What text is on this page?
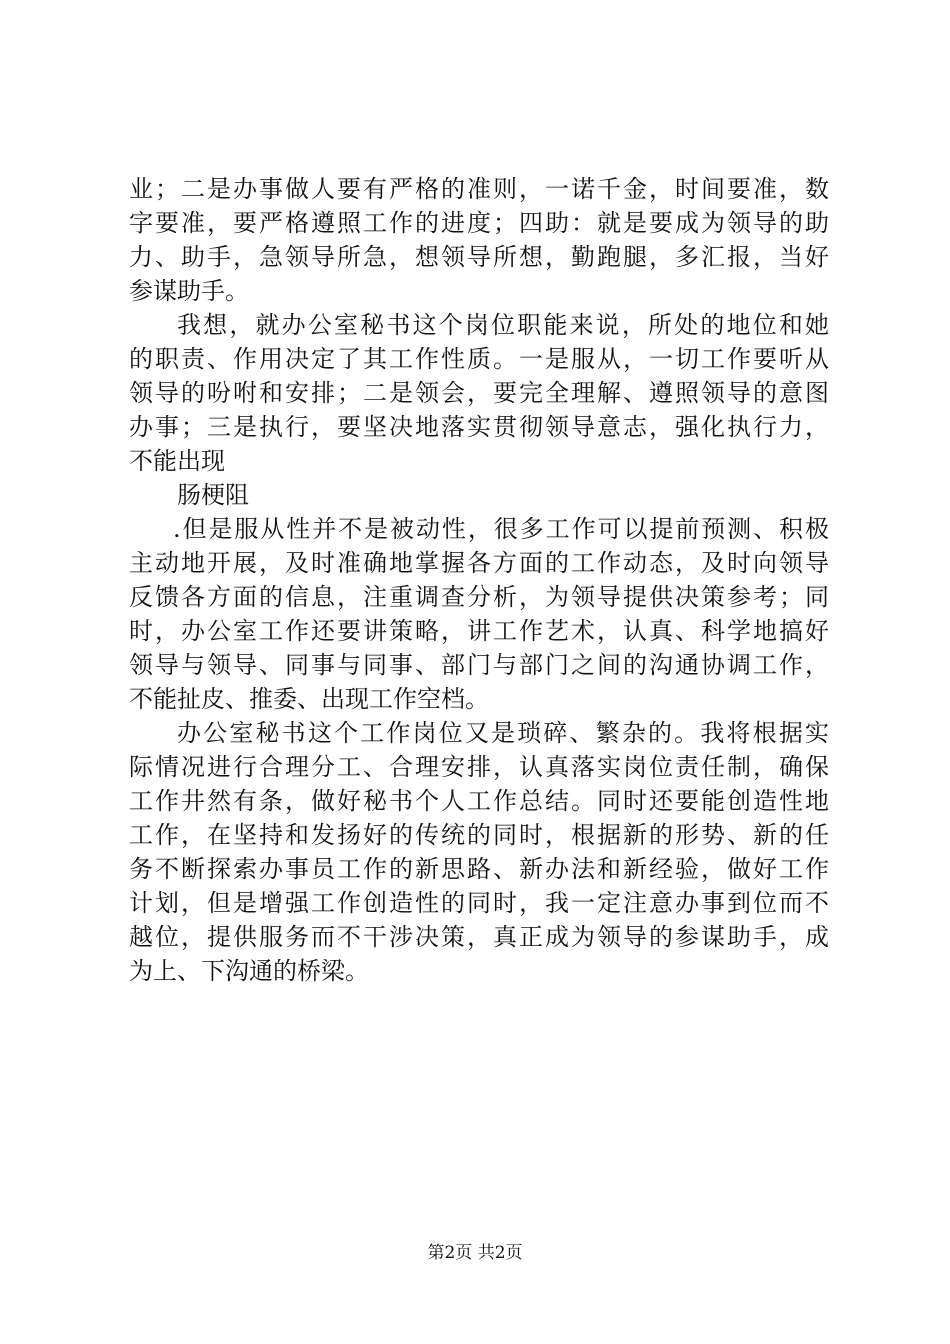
业；二是办事做人要有严格的准则，一诺千金，时间要准，数
字要准，要严格遵照工作的进度；四助：就是要成为领导的助
力、助手，急领导所急，想领导所想，勤跑腿，多汇报，当好
参谋助手。
我想，就办公室秘书这个岗位职能来说，所处的地位和她
的职责、作用决定了其工作性质。一是服从，一切工作要听从
领导的吩咐和安排；二是领会，要完全理解、遵照领导的意图
办事；三是执行，要坚决地落实贯彻领导意志，强化执行力，
不能出现
肠梗阻
.但是服从性并不是被动性，很多工作可以提前预测、积极
主动地开展，及时准确地掌握各方面的工作动态，及时向领导
反馈各方面的信息，注重调查分析，为领导提供决策参考；同
时，办公室工作还要讲策略，讲工作艺术，认真、科学地搞好
领导与领导、同事与同事、部门与部门之间的沟通协调工作，
不能扯皮、推委、出现工作空档。
办公室秘书这个工作岗位又是琐碎、繁杂的。我将根据实
际情况进行合理分工、合理安排，认真落实岗位责任制，确保
工作井然有条，做好秘书个人工作总结。同时还要能创造性地
工作，在坚持和发扬好的传统的同时，根据新的形势、新的任
务不断探索办事员工作的新思路、新办法和新经验，做好工作
计划，但是增强工作创造性的同时，我一定注意办事到位而不
越位，提供服务而不干涉决策，真正成为领导的参谋助手，成
为上、下沟通的桥梁。
第2页 共2页
